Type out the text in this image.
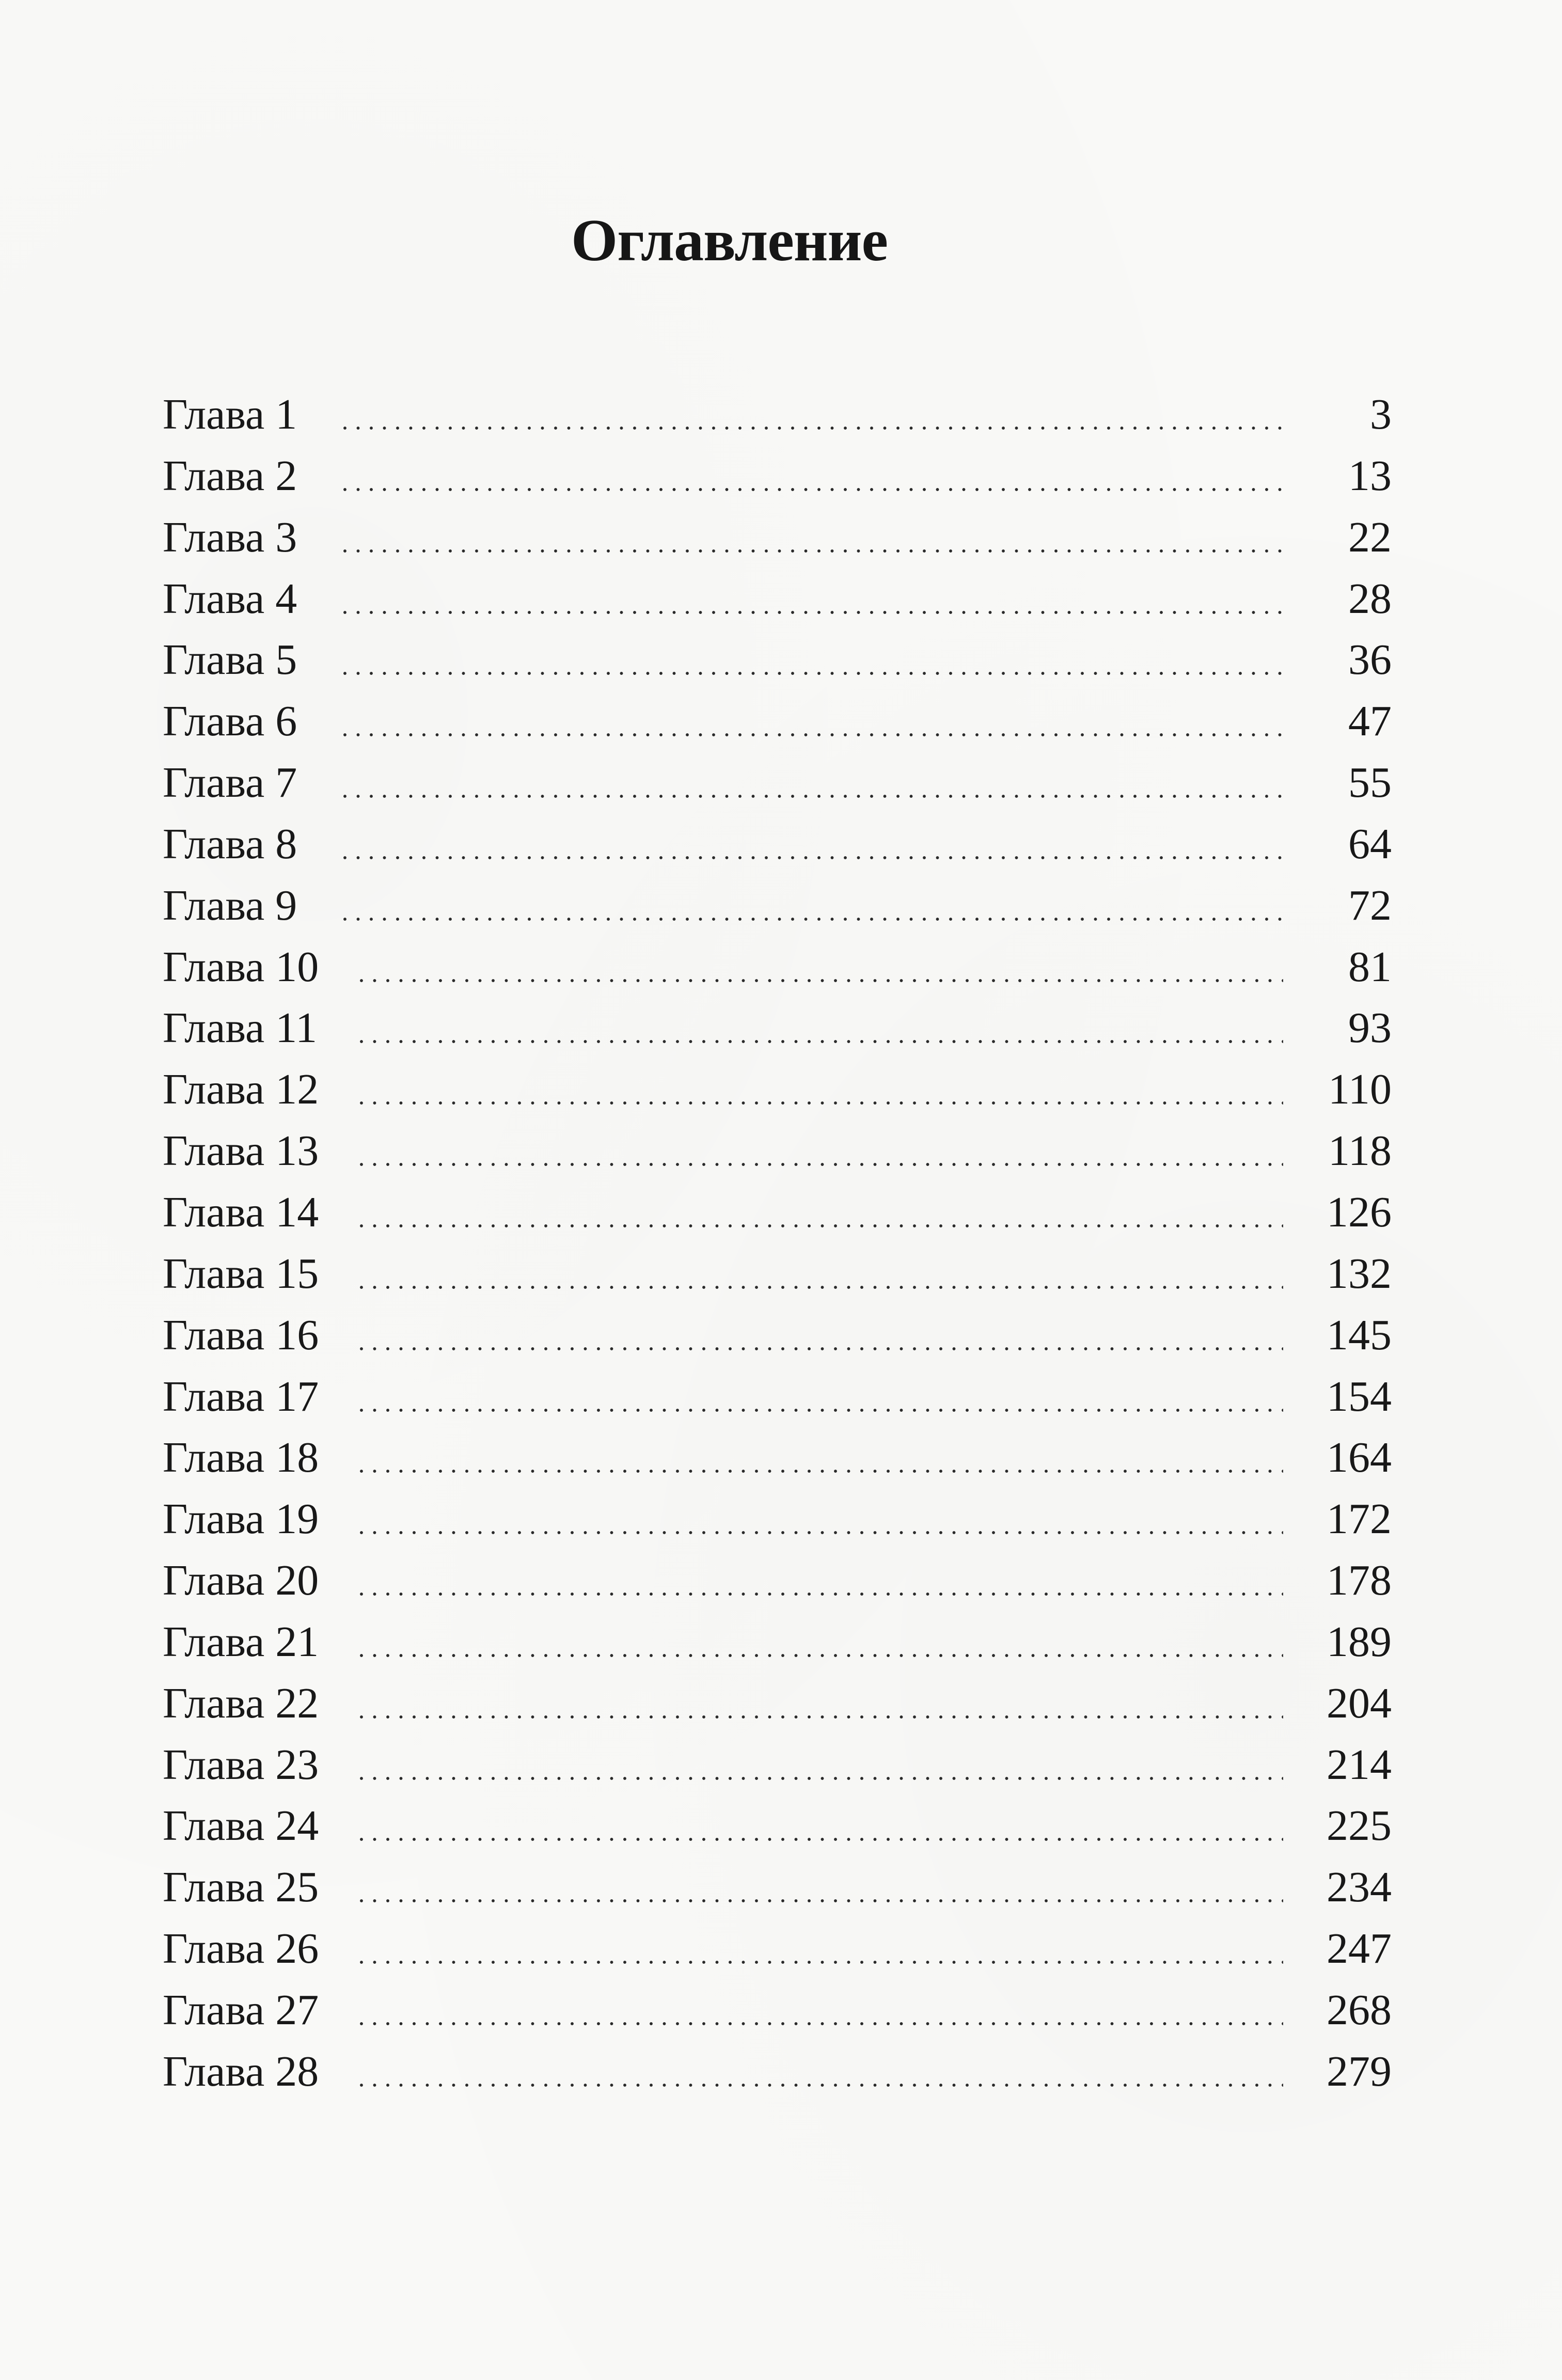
Оглавление
Глава 1	3
Глава 2	13
Глава 3	22
Глава 4	28
Глава 5	36
Глава 6	47
Глава 7	55
Глава 8	64
Глава 9	72
Глава 10	81
Глава 11	93
Глава 12	110
Глава 13	118
Глава 14	126
Глава 15	132
Глава 16	145
Глава 17	154
Глава 18	164
Глава 19	172
Глава 20	178
Глава 21	189
Глава 22	204
Глава 23	214
Глава 24	225
Глава 25	234
Глава 26	247
Глава 27	268
Глава 28	279
